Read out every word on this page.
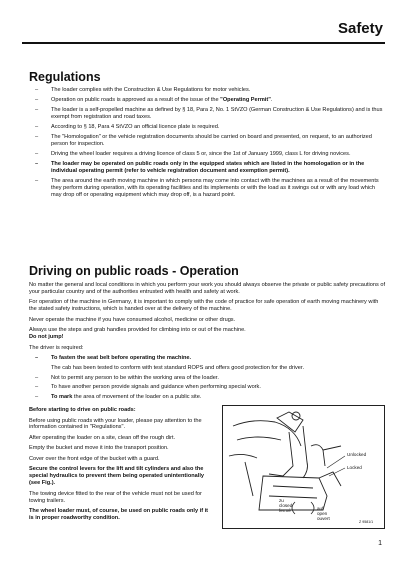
Safety
Regulations
– The loader complies with the Construction & Use Regulations for motor vehicles.
– Operation on public roads is approved as a result of the issue of the "Operating Permit".
– The loader is a self-propelled machine as defined by § 18, Para 2, No. 1 StVZO (German Construction & Use Regulations) and is thus exempt from registration and road taxes.
– According to § 18, Para 4 StVZO an official licence plate is required.
– The "Homologation" or the vehicle registration documents should be carried on board and presented, on request, to an authorized person for inspection.
– Driving the wheel loader requires a driving licence of class 5 or, since the 1st of January 1999, class L for driving novices.
– The loader may be operated on public roads only in the equipped states which are listed in the homologation or in the individual operating permit (refer to vehicle registration document and exemption permit).
– The area around the earth moving machine in which persons may come into contact with the machines as a result of the movements they perform during operation, with its operating facilities and its implements or with the load as it swings out or with any load which may drop off or operating equipment which may drop off, is a hazard point.
Driving on public roads - Operation

No matter the general and local conditions in which you perform your work you should always observe the private or public safety precautions of your particular country and of the authorities entrusted with health and safety at work.

For operation of the machine in Germany, it is important to comply with the code of practice for safe operation of earth moving machinery with the stated safety instructions, which is handed over at the delivery of the machine.

Never operate the machine if you have consumed alcohol, medicine or other drugs.

Always use the steps and grab handles provided for climbing into or out of the machine.
Do not jump!

The driver is required:

– To fasten the seat belt before operating the machine.
The cab has been tested to conform with test standard ROPS and offers good protection for the driver.
– Not to permit any person to be within the working area of the loader.
– To have another person provide signals and guidance when performing special work.
– To mark the area of movement of the loader on a public site.

Before starting to drive on public roads:

Before using public roads with your loader, please pay attention to the information contained in "Regulations".

After operating the loader on a site, clean off the rough dirt.

Empty the bucket and move it into the transport position.

Cover over the front edge of the bucket with a guard.

Secure the control levers for the lift and tilt cylinders and also the special hydraulics to prevent them being operated unintentionally (see Fig.).

The towing device fitted to the rear of the vehicle must not be used for towing trailers.

The wheel loader must, of course, be used on public roads only if it is in proper roadworthy condition.

Unlocked
Locked
zu
closed
fermé	auf
open
ouvert
Z 9581/1
1
